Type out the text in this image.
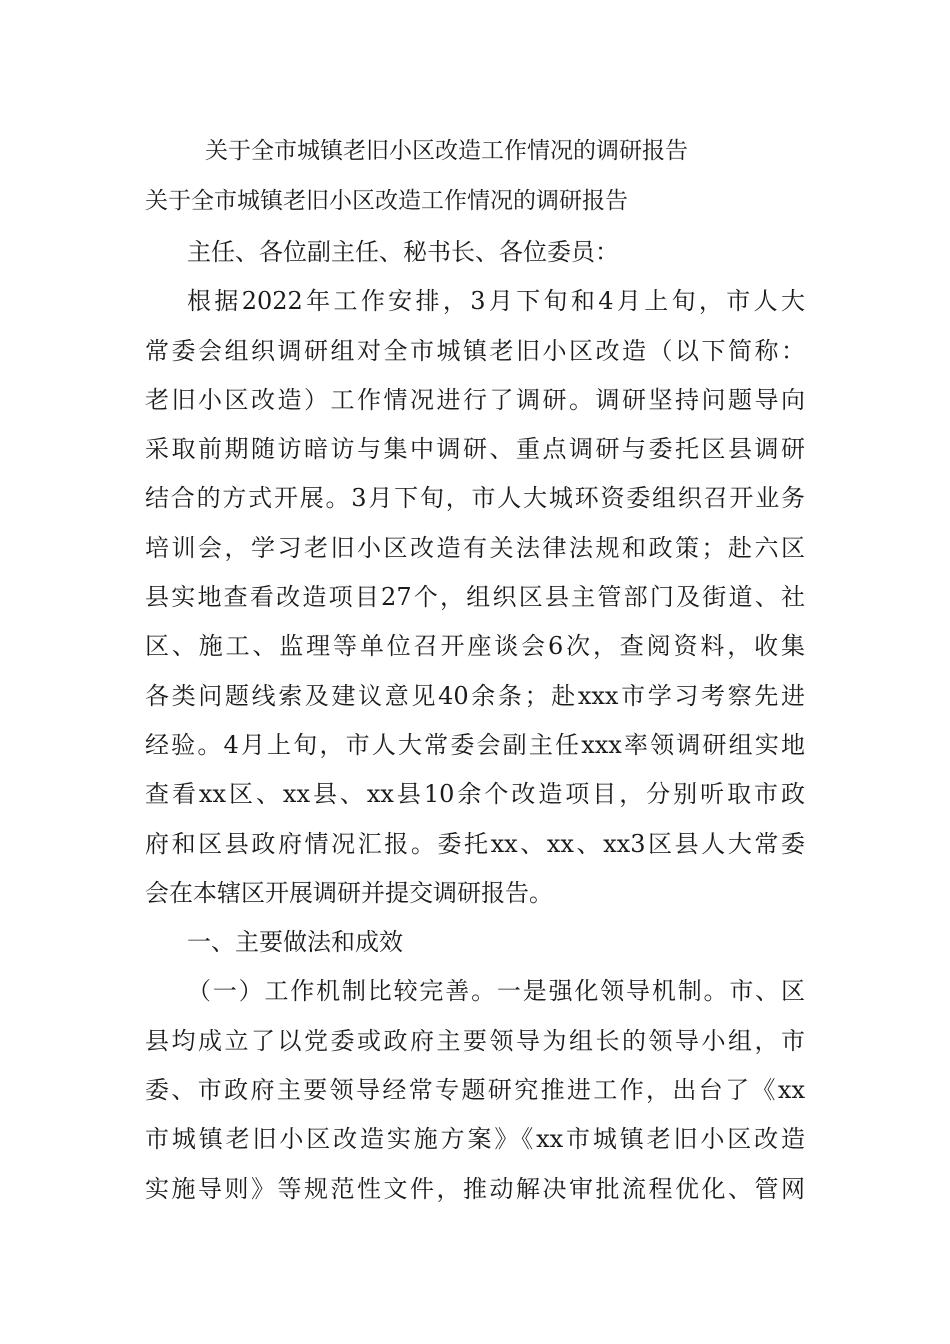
关于全市城镇老旧小区改造工作情况的调研报告
关于全市城镇老旧小区改造工作情况的调研报告
主任、各位副主任、秘书长、各位委员：
根据2022年工作安排，3月下旬和4月上旬，市人大
常委会组织调研组对全市城镇老旧小区改造（以下简称：
老旧小区改造）工作情况进行了调研。调研坚持问题导向
采取前期随访暗访与集中调研、重点调研与委托区县调研
结合的方式开展。3月下旬，市人大城环资委组织召开业务
培训会，学习老旧小区改造有关法律法规和政策；赴六区
县实地查看改造项目27个，组织区县主管部门及街道、社
区、施工、监理等单位召开座谈会6次，查阅资料，收集
各类问题线索及建议意见40余条；赴xxx市学习考察先进
经验。4月上旬，市人大常委会副主任xxx率领调研组实地
查看xx区、xx县、xx县10余个改造项目，分别听取市政
府和区县政府情况汇报。委托xx、xx、xx3区县人大常委
会在本辖区开展调研并提交调研报告。
一、主要做法和成效
（一）工作机制比较完善。一是强化领导机制。市、区
县均成立了以党委或政府主要领导为组长的领导小组，市
委、市政府主要领导经常专题研究推进工作，出台了《xx
市城镇老旧小区改造实施方案》《xx市城镇老旧小区改造
实施导则》等规范性文件，推动解决审批流程优化、管网
